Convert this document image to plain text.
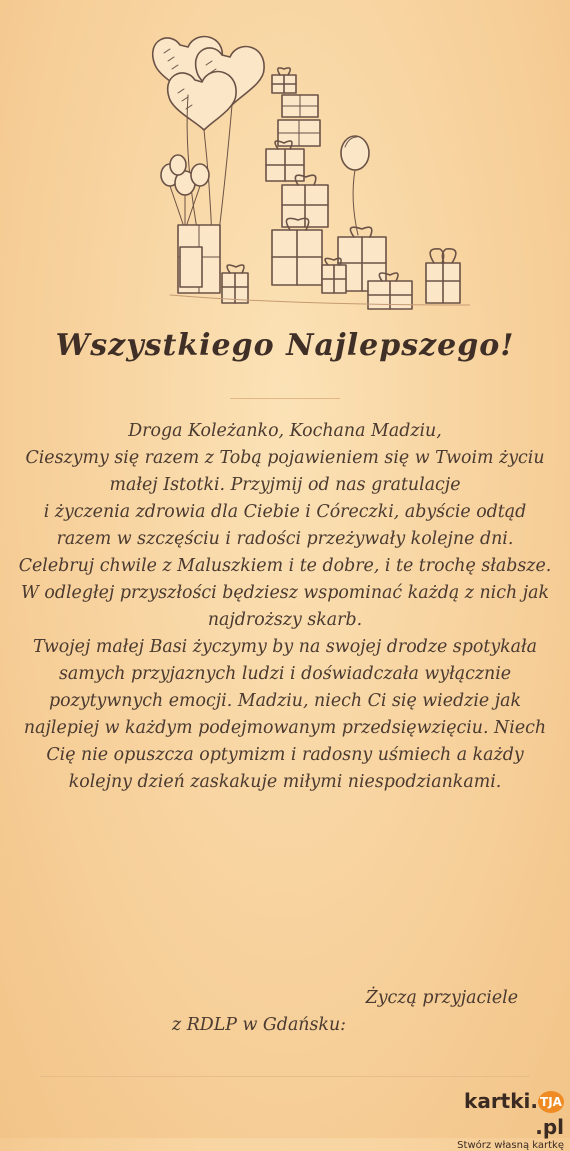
Wszystkiego Najlepszego!

Droga Koleżanko, Kochana Madziu,

Cieszymy się razem z Tobą pojawieniem się w Twoim życiu małej Istotki. Przyjmij od nas gratulacje

i życzenia zdrowia dla Ciebie i Córeczki, abyście odtąd razem w szczęściu i radości przeżywały kolejne dni. Celebruj chwile z Maluszkiem i te dobre, i te trochę słabsze. W odległej przyszłości będziesz wspominać każdą z nich jak najdroższy skarb.

Twojej małej Basi życzymy by na swojej drodze spotykała samych przyjaznych ludzi i doświadczała wyłącznie pozytywnych emocji. Madziu, niech Ci się wiedzie jak najlepiej w każdym podejmowanym przedsięwzięciu. Niech Cię nie opuszcza optymizm i radosny uśmiech a każdy kolejny dzień zaskakuje miłymi niespodziankami.

Życzą przyjaciele
z RDLP w Gdańsku:
kartki. TJA.pl
Stwórz własną kartkę
